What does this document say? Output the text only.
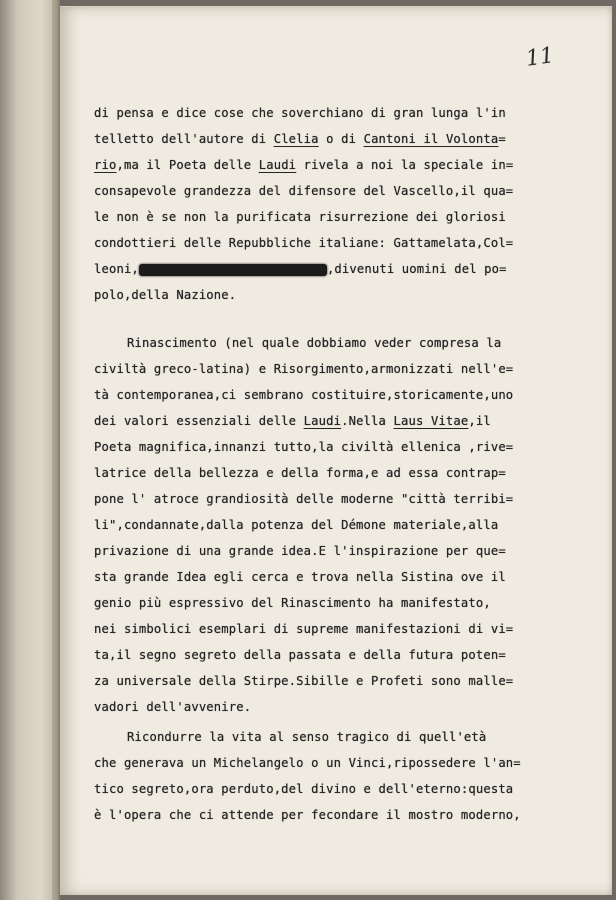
11
di pensa e dice cose che soverchiano di gran lunga l'in
telletto dell'autore di Clelia o di Cantoni il Volonta=
rio,ma il Poeta delle Laudi rivela a noi la speciale in=
consapevole grandezza del difensore del Vascello,il qua=
le non è se non la purificata risurrezione dei gloriosi
condottieri delle Repubbliche italiane: Gattamelata,Col=
leoni,	,divenuti uomini del po=
polo,della Nazione.
Rinascimento (nel quale dobbiamo veder compresa la
civiltà greco-latina) e Risorgimento,armonizzati nell'e=
tà contemporanea,ci sembrano costituire,storicamente,uno
dei valori essenziali delle Laudi.Nella Laus Vitae,il
Poeta magnifica,innanzi tutto,la civiltà ellenica ,rive=
latrice della bellezza e della forma,e ad essa contrap=
pone l' atroce grandiosità delle moderne "città terribi=
li",condannate,dalla potenza del Démone materiale,alla
privazione di una grande idea.E l'inspirazione per que=
sta grande Idea egli cerca e trova nella Sistina ove il
genio più espressivo del Rinascimento ha manifestato,
nei simbolici esemplari di supreme manifestazioni di vi=
ta,il segno segreto della passata e della futura poten=
za universale della Stirpe.Sibille e Profeti sono malle=
vadori dell'avvenire.
Ricondurre la vita al senso tragico di quell'età
che generava un Michelangelo o un Vinci,ripossedere l'an=
tico segreto,ora perduto,del divino e dell'eterno:questa
è l'opera che ci attende per fecondare il mostro moderno,
